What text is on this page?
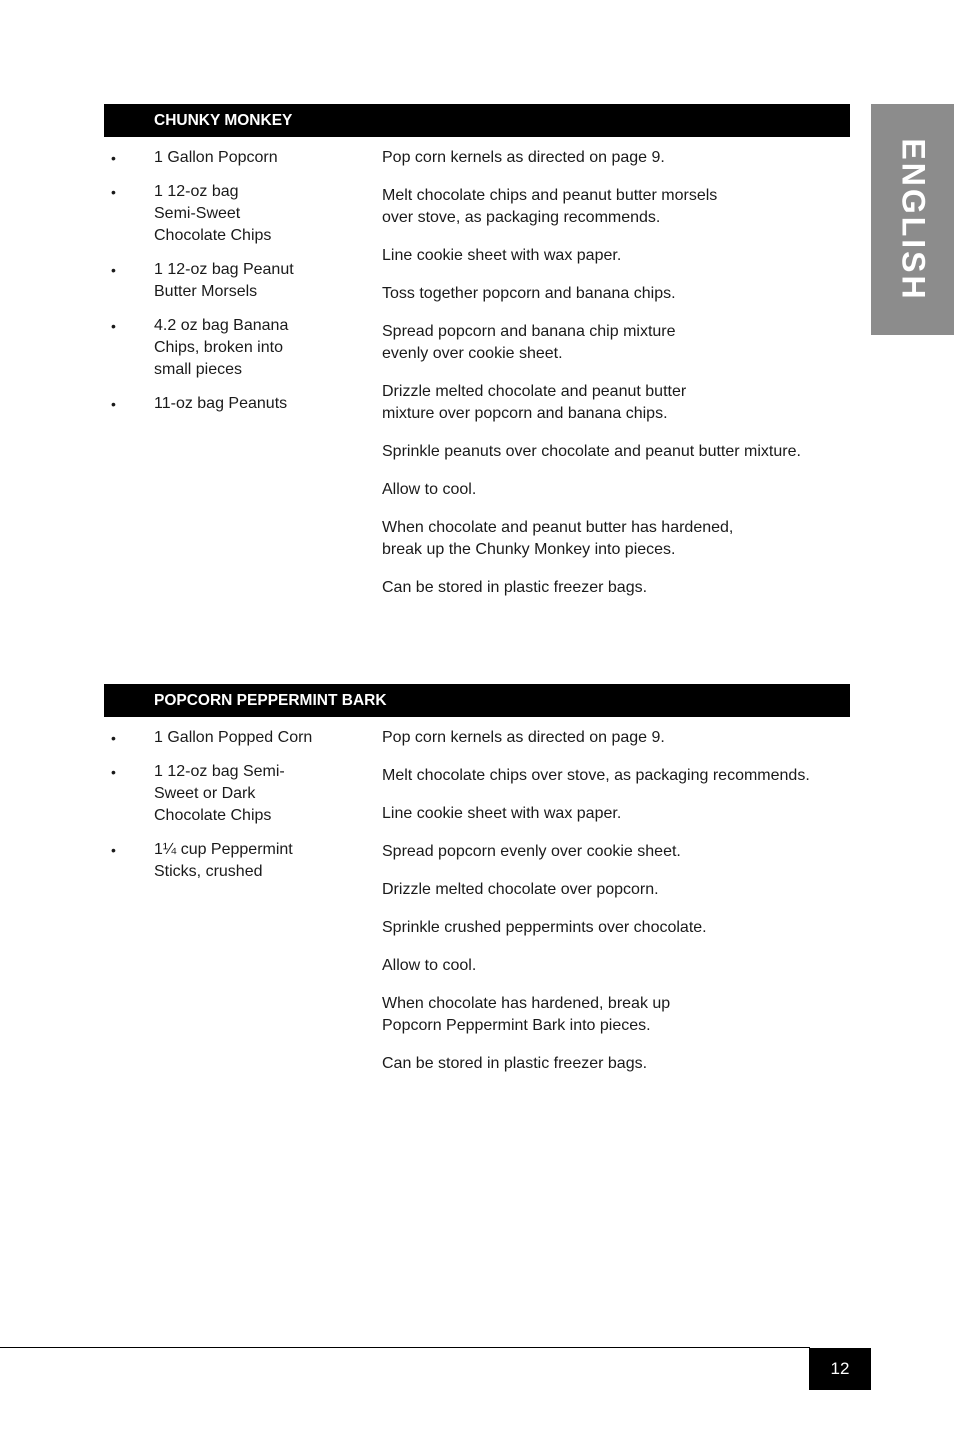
ENGLISH
CHUNKY MONKEY
• 1 Gallon Popcorn
• 1 12-oz bag
Semi-Sweet
Chocolate Chips
• 1 12-oz bag Peanut
Butter Morsels
• 4.2 oz bag Banana
Chips, broken into
small pieces
• 11-oz bag Peanuts
Pop corn kernels as directed on page 9.
Melt chocolate chips and peanut butter morsels
over stove, as packaging recommends.
Line cookie sheet with wax paper.
Toss together popcorn and banana chips.
Spread popcorn and banana chip mixture
evenly over cookie sheet.
Drizzle melted chocolate and peanut butter
mixture over popcorn and banana chips.
Sprinkle peanuts over chocolate and peanut butter mixture.
Allow to cool.
When chocolate and peanut butter has hardened,
break up the Chunky Monkey into pieces.
Can be stored in plastic freezer bags.
POPCORN PEPPERMINT BARK
• 1 Gallon Popped Corn
• 1 12-oz bag Semi-
Sweet or Dark
Chocolate Chips
• 1¼ cup Peppermint
Sticks, crushed
Pop corn kernels as directed on page 9.
Melt chocolate chips over stove, as packaging recommends.
Line cookie sheet with wax paper.
Spread popcorn evenly over cookie sheet.
Drizzle melted chocolate over popcorn.
Sprinkle crushed peppermints over chocolate.
Allow to cool.
When chocolate has hardened, break up
Popcorn Peppermint Bark into pieces.
Can be stored in plastic freezer bags.
12
